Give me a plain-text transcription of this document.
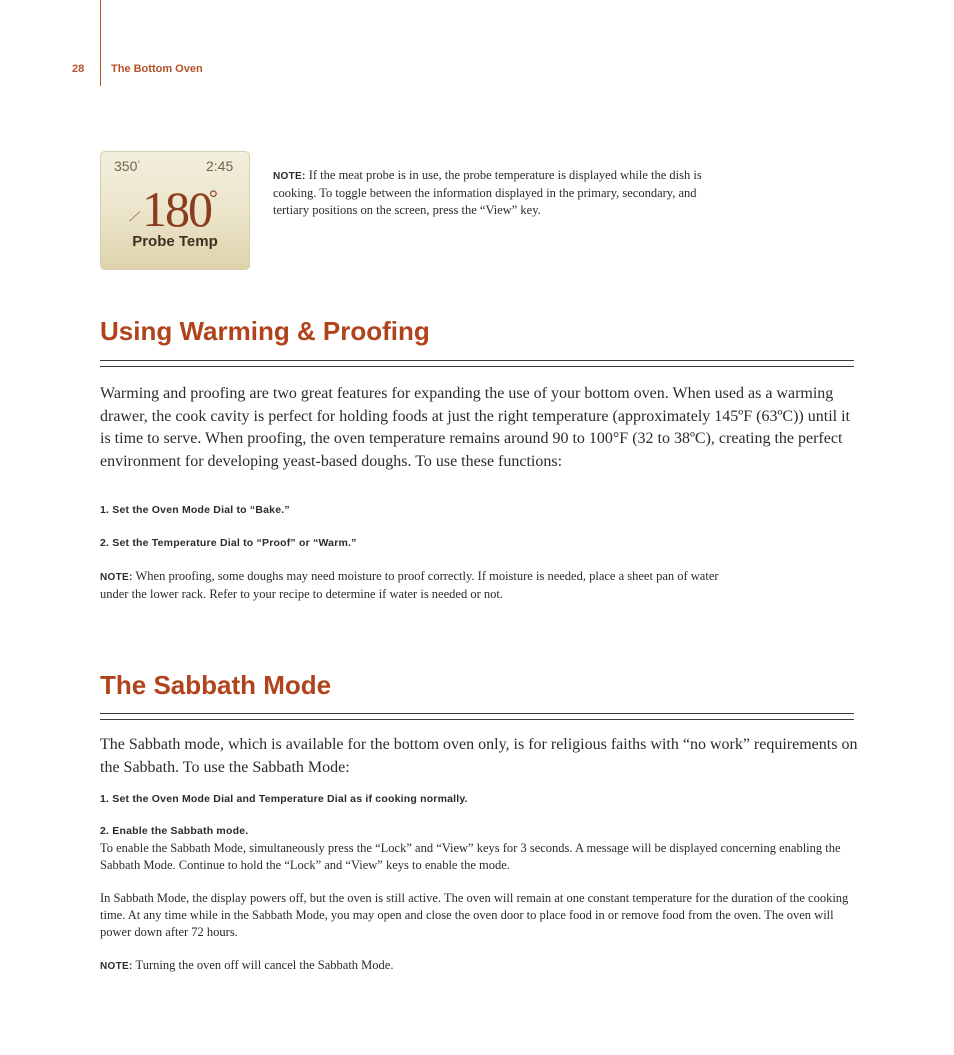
28 The Bottom Oven
350°	2:45
⟋ 180
°
Probe Temp
NOTE: If the meat probe is in use, the probe temperature is displayed while the dish is cooking. To toggle between the information displayed in the primary, secondary, and tertiary positions on the screen, press the “View” key.
Using Warming & Proofing
Warming and proofing are two great features for expanding the use of your bottom oven. When used as a warming drawer, the cook cavity is perfect for holding foods at just the right temperature (approximately 145ºF (63ºC)) until it is time to serve. When proofing, the oven temperature remains around 90 to 100°F (32 to 38ºC), creating the perfect environment for developing yeast-based doughs. To use these functions:
1. Set the Oven Mode Dial to “Bake.”
2. Set the Temperature Dial to “Proof” or “Warm.”
NOTE: When proofing, some doughs may need moisture to proof correctly. If moisture is needed, place a sheet pan of water under the lower rack. Refer to your recipe to determine if water is needed or not.
The Sabbath Mode
The Sabbath mode, which is available for the bottom oven only, is for religious faiths with “no work” requirements on the Sabbath. To use the Sabbath Mode:
1. Set the Oven Mode Dial and Temperature Dial as if cooking normally.
2. Enable the Sabbath mode.
To enable the Sabbath Mode, simultaneously press the “Lock” and “View” keys for 3 seconds. A message will be displayed concerning enabling the Sabbath Mode. Continue to hold the “Lock” and “View” keys to enable the mode.
In Sabbath Mode, the display powers off, but the oven is still active. The oven will remain at one constant temperature for the duration of the cooking time. At any time while in the Sabbath Mode, you may open and close the oven door to place food in or remove food from the oven. The oven will power down after 72 hours.
NOTE: Turning the oven off will cancel the Sabbath Mode.
